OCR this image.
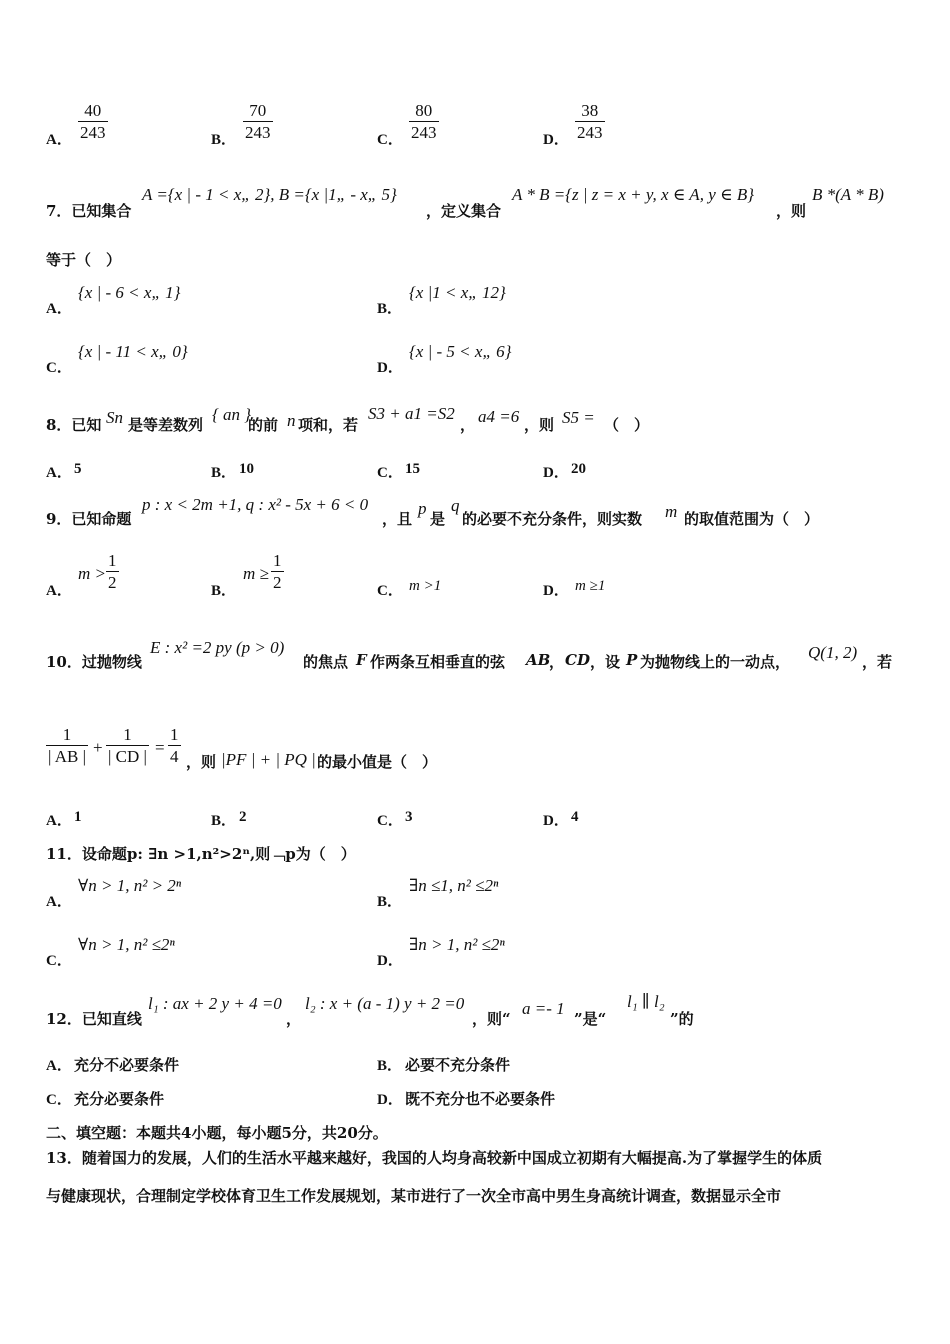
A． $\frac{40}{243}$	B． $\frac{70}{243}$	C． $\frac{80}{243}$	D． $\frac{38}{243}$
7．已知集合
A ={x | - 1 < x„ 2}, B ={x |1„ - x„ 5}
，定义集合
A * B ={z | z = x + y, x ∈ A, y ∈ B}
，则
B *(A * B)
等于（　）
A．
{x | - 6 < x„ 1}
B．
{x |1 < x„ 12}
C．
{x | - 11 < x„ 0}
D．
{x | - 5 < x„ 6}
8．已知 Sn 是等差数列
{ an }
的前 n 项和，若
S3 + a1 =S2
， a4 =6 ，则 S5 = （　）
A． 5	B． 10	C． 15	D． 20
9．已知命题
p : x < 2m +1, q : x² - 5x + 6 < 0
，且
p
是
q
的必要不充分条件，则实数 m 的取值范围为（　）
A．
$m > \frac{1}{2}$	B．
$m \ge \frac{1}{2}$	C． m >1	D． m ≥1
10．过抛物线
E : x² =2 py (p > 0)
的焦点 F 作两条互相垂直的弦 AB
， CD ，设 P 为抛物线上的一动点， Q(1, 2) ，若
$\frac{1}{| AB |} + \frac{1}{| CD |} = \frac{1}{4}$ ，则 |PF | + | PQ | 的最小值是（　）
A． 1	B． 2	C． 3	D． 4
11．设命题p: ∃n >1,n²>2ⁿ,则﹁p为（　）
A．
∀n > 1, n² > 2ⁿ
B．
∃n ≤1, n² ≤2ⁿ
C．
∀n > 1, n² ≤2ⁿ
D．
∃n > 1, n² ≤2ⁿ
12．已知直线
l₁ : ax + 2 y + 4 =0
，
l₂ : x + (a - 1) y + 2 =0
，则“
a =- 1
”是“
l₁ ∥ l₂
”的
A． 充分不必要条件	B． 必要不充分条件
C． 充分必要条件	D． 既不充分也不必要条件
二、填空题：本题共4小题，每小题5分，共20分。
13．随着国力的发展，人们的生活水平越来越好，我国的人均身高较新中国成立初期有大幅提高.为了掌握学生的体质
与健康现状，合理制定学校体育卫生工作发展规划，某市进行了一次全市高中男生身高统计调查，数据显示全市
